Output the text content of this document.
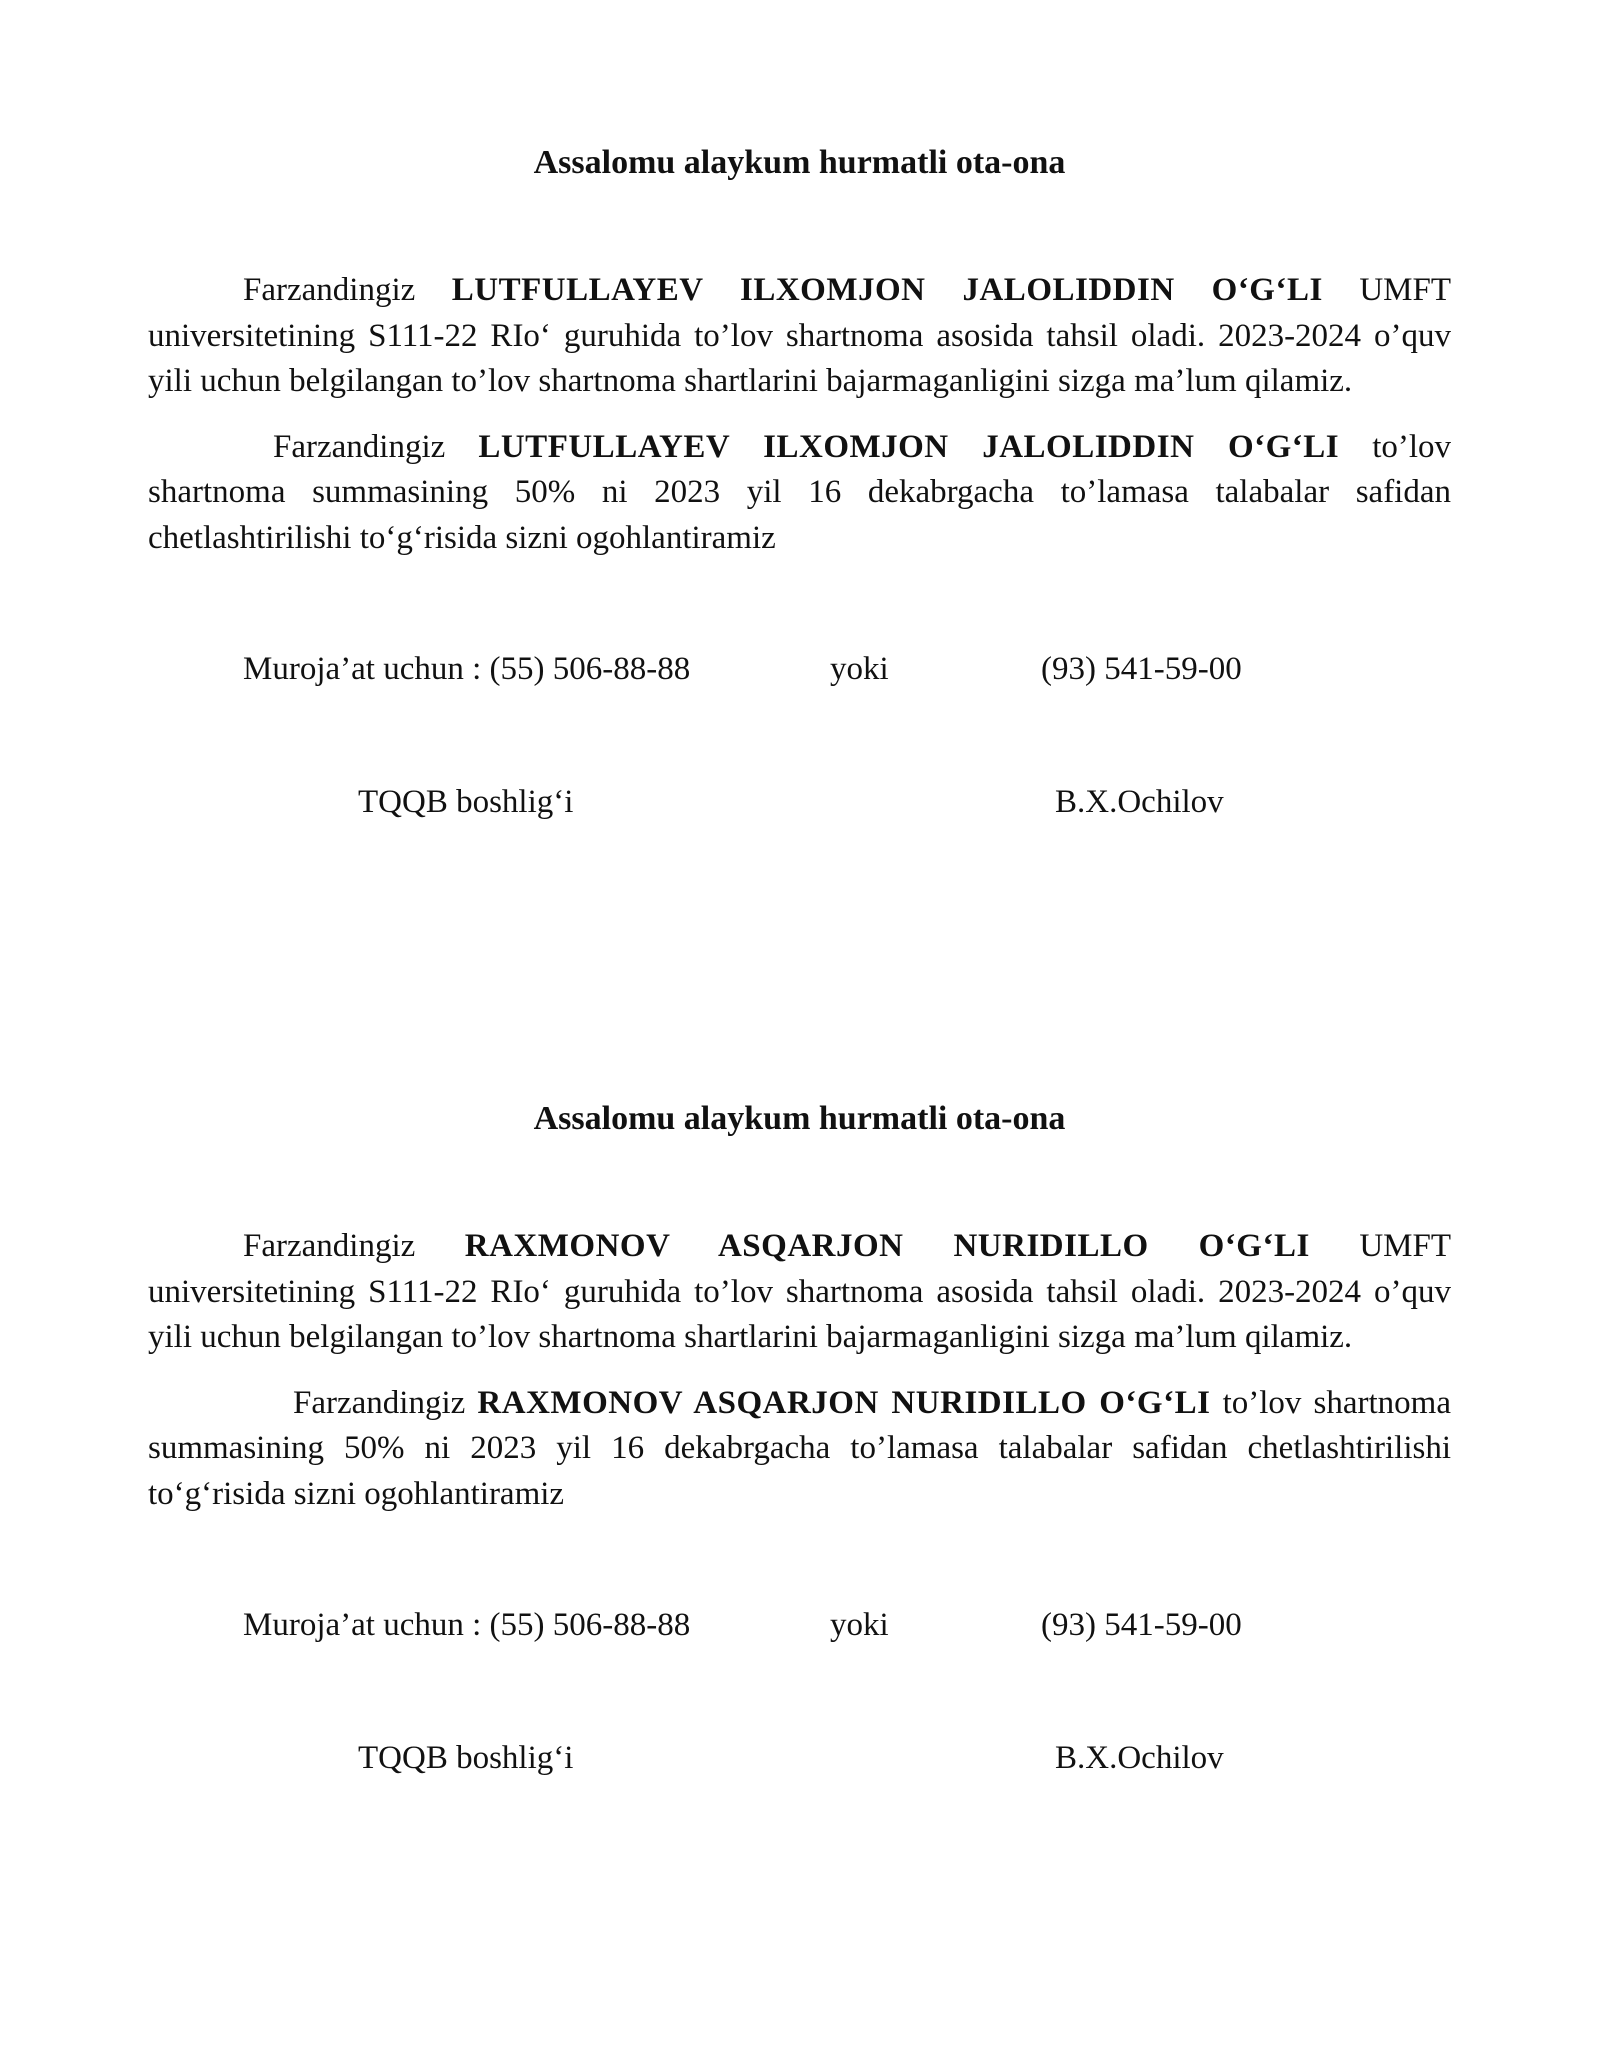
Assalomu alaykum hurmatli ota-ona

Farzandingiz LUTFULLAYEV ILXOMJON JALOLIDDIN O‘G‘LI UMFT universitetining S111-22 RIo‘ guruhida to’lov shartnoma asosida tahsil oladi. 2023-2024 o’quv yili uchun belgilangan to’lov shartnoma shartlarini bajarmaganligini sizga ma’lum qilamiz.

Farzandingiz LUTFULLAYEV ILXOMJON JALOLIDDIN O‘G‘LI to’lov shartnoma summasining 50% ni 2023 yil 16 dekabrgacha to’lamasa talabalar safidan chetlashtirilishi to‘g‘risida sizni ogohlantiramiz

Muroja’at uchun : (55) 506-88-88	yoki	(93) 541-59-00
TQQB boshlig‘i	B.X.Ochilov

Assalomu alaykum hurmatli ota-ona

Farzandingiz RAXMONOV ASQARJON NURIDILLO O‘G‘LI UMFT universitetining S111-22 RIo‘ guruhida to’lov shartnoma asosida tahsil oladi. 2023-2024 o’quv yili uchun belgilangan to’lov shartnoma shartlarini bajarmaganligini sizga ma’lum qilamiz.

Farzandingiz RAXMONOV ASQARJON NURIDILLO O‘G‘LI to’lov shartnoma summasining 50% ni 2023 yil 16 dekabrgacha to’lamasa talabalar safidan chetlashtirilishi to‘g‘risida sizni ogohlantiramiz

Muroja’at uchun : (55) 506-88-88	yoki	(93) 541-59-00
TQQB boshlig‘i	B.X.Ochilov
